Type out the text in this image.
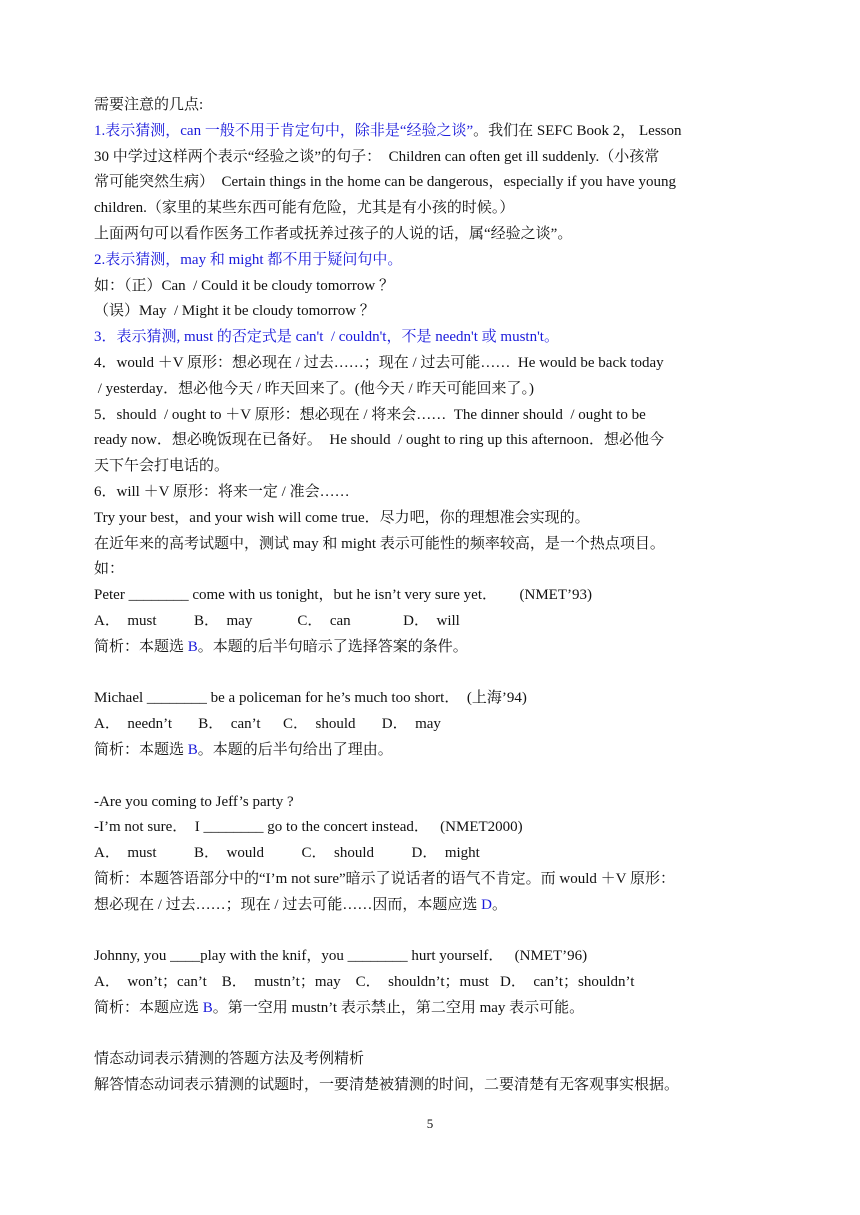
需要注意的几点:
1.表示猜测，can 一般不用于肯定句中，除非是“经验之谈”。我们在 SEFC Book 2， Lesson
30 中学过这样两个表示“经验之谈”的句子：  Children can often get ill suddenly.（小孩常
常可能突然生病）  Certain things in the home can be dangerous，especially if you have young
children.（家里的某些东西可能有危险，尤其是有小孩的时候。）
上面两句可以看作医务工作者或抚养过孩子的人说的话，属“经验之谈”。
2.表示猜测，may 和 might 都不用于疑问句中。
如：（正）Can  / Could it be cloudy tomorrow ？
（误）May  / Might it be cloudy tomorrow ？
3．表示猜测, must 的否定式是 can't  / couldn't，不是 needn't 或 mustn't。
4．would ＋V 原形：想必现在 / 过去……；现在 / 过去可能……  He would be back today
/ yesterday．想必他今天 / 昨天回来了。(他今天 / 昨天可能回来了。)
5．should  / ought to ＋V 原形：想必现在 / 将来会……  The dinner should  / ought to be
ready now．想必晚饭现在已备好。  He should  / ought to ring up this afternoon．想必他今
天下午会打电话的。
6．will ＋V 原形：将来一定 / 准会……
Try your best，and your wish will come true．尽力吧，你的理想准会实现的。
在近年来的高考试题中，测试 may 和 might 表示可能性的频率较高，是一个热点项目。
如：
Peter ________ come with us tonight，but he isn’t very sure yet．      (NMET’93)
A．  must          B．  may            C．  can              D．  will
简析：本题选 B。本题的后半句暗示了选择答案的条件。
Michael ________ be a policeman for he’s much too short．  (上海’94)
A．  needn’t       B．  can’t      C．  should       D．  may
简析：本题选 B。本题的后半句给出了理由。
-Are you coming to Jeff’s party ?
-I’m not sure．  I ________ go to the concert instead．   (NMET2000)
A．  must          B．  would          C．  should          D．  might
简析：本题答语部分中的“I’m not sure”暗示了说话者的语气不肯定。而 would ＋V 原形：
想必现在 / 过去……；现在 / 过去可能……因而，本题应选 D。
Johnny, you ____play with the knif，you ________ hurt yourself．   (NMET’96)
A．  won’t；can’t    B．  mustn’t；may    C．  shouldn’t；must   D．  can’t；shouldn’t
简析：本题应选 B。第一空用 mustn’t 表示禁止，第二空用 may 表示可能。
情态动词表示猜测的答题方法及考例精析
解答情态动词表示猜测的试题时，一要清楚被猜测的时间，二要清楚有无客观事实根据。
5
